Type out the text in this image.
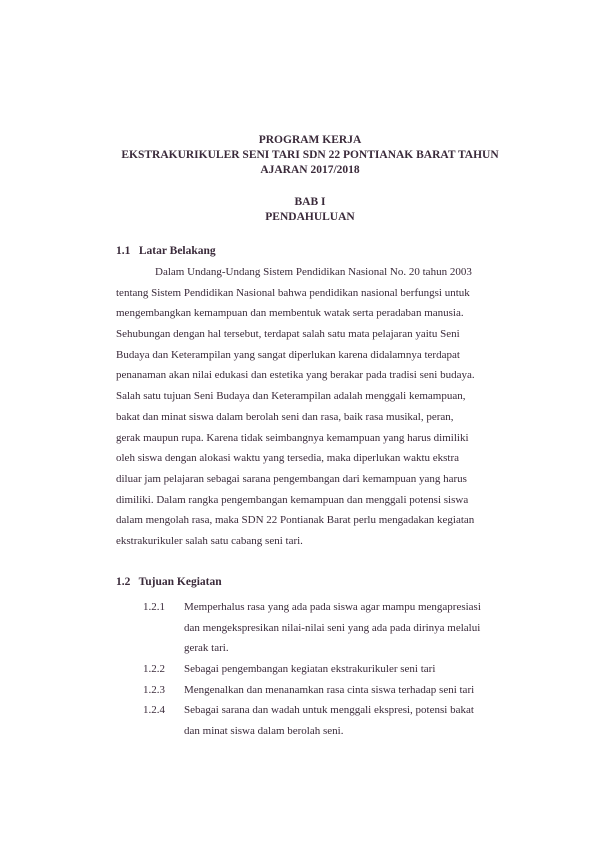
PROGRAM KERJA
EKSTRAKURIKULER SENI TARI SDN 22 PONTIANAK BARAT TAHUN
AJARAN 2017/2018
BAB I
PENDAHULUAN
1.1 Latar Belakang
Dalam Undang-Undang Sistem Pendidikan Nasional No. 20 tahun 2003
tentang Sistem Pendidikan Nasional bahwa pendidikan nasional berfungsi untuk
mengembangkan kemampuan dan membentuk watak serta peradaban manusia.
Sehubungan dengan hal tersebut, terdapat salah satu mata pelajaran yaitu Seni
Budaya dan Keterampilan yang sangat diperlukan karena didalamnya terdapat
penanaman akan nilai edukasi dan estetika yang berakar pada tradisi seni budaya.
Salah satu tujuan Seni Budaya dan Keterampilan adalah menggali kemampuan,
bakat dan minat siswa dalam berolah seni dan rasa, baik rasa musikal, peran,
gerak maupun rupa. Karena tidak seimbangnya kemampuan yang harus dimiliki
oleh siswa dengan alokasi waktu yang tersedia, maka diperlukan waktu ekstra
diluar jam pelajaran sebagai sarana pengembangan dari kemampuan yang harus
dimiliki. Dalam rangka pengembangan kemampuan dan menggali potensi siswa
dalam mengolah rasa, maka SDN 22 Pontianak Barat perlu mengadakan kegiatan
ekstrakurikuler salah satu cabang seni tari.
1.2 Tujuan Kegiatan
1.2.1	Memperhalus rasa yang ada pada siswa agar mampu mengapresiasi
dan mengekspresikan nilai-nilai seni yang ada pada dirinya melalui
gerak tari.
1.2.2	Sebagai pengembangan kegiatan ekstrakurikuler seni tari
1.2.3	Mengenalkan dan menanamkan rasa cinta siswa terhadap seni tari
1.2.4	Sebagai sarana dan wadah untuk menggali ekspresi, potensi bakat
dan minat siswa dalam berolah seni.
